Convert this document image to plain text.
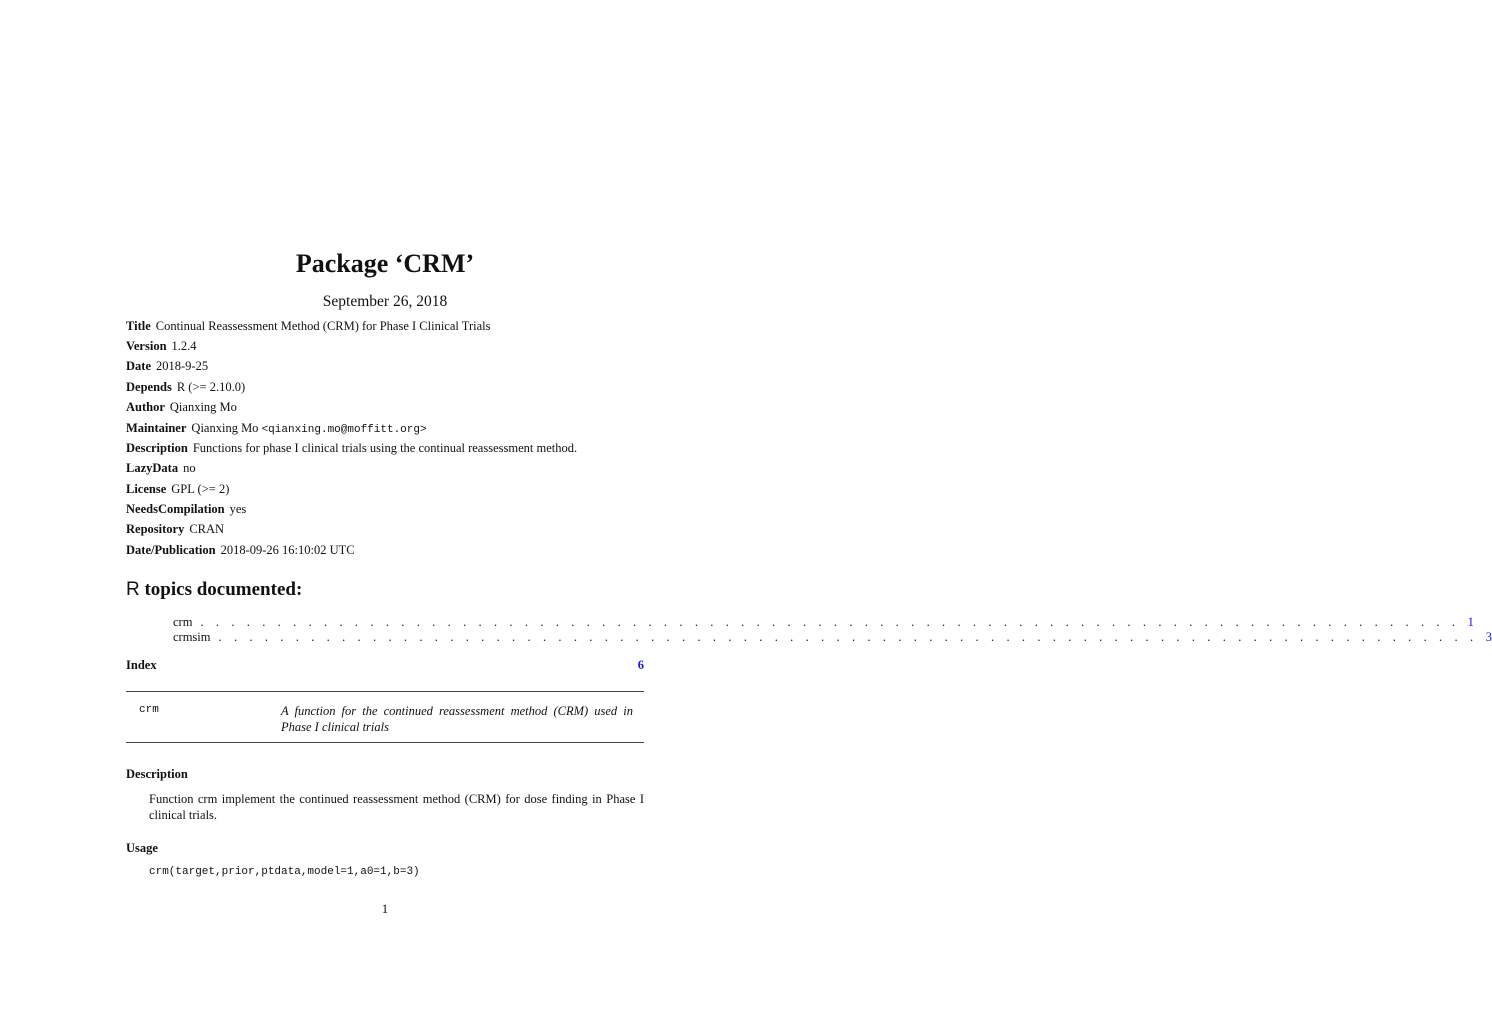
Package ‘CRM’
September 26, 2018
Title Continual Reassessment Method (CRM) for Phase I Clinical Trials
Version 1.2.4
Date 2018-9-25
Depends R (>= 2.10.0)
Author Qianxing Mo
Maintainer Qianxing Mo <qianxing.mo@moffitt.org>
Description Functions for phase I clinical trials using the continual reassessment method.
LazyData no
License GPL (>= 2)
NeedsCompilation yes
Repository CRAN
Date/Publication 2018-09-26 16:10:02 UTC
R topics documented:
crm . . . . . . . . . . . . . . . . . . . . . . . . . . . . . . . . . . . . . . . . . . . . . . . . . . . . . . . . . . . . . . . . . . . . . . . . . . . . . . . . . . 1
crmsim . . . . . . . . . . . . . . . . . . . . . . . . . . . . . . . . . . . . . . . . . . . . . . . . . . . . . . . . . . . . . . . . . . . . . . . . . . . . . . . . . . 3
Index	6
crm	A function for the continued reassessment method (CRM) used in Phase I clinical trials
Description
Function crm implement the continued reassessment method (CRM) for dose finding in Phase I clinical trials.
Usage
crm(target,prior,ptdata,model=1,a0=1,b=3)
1
